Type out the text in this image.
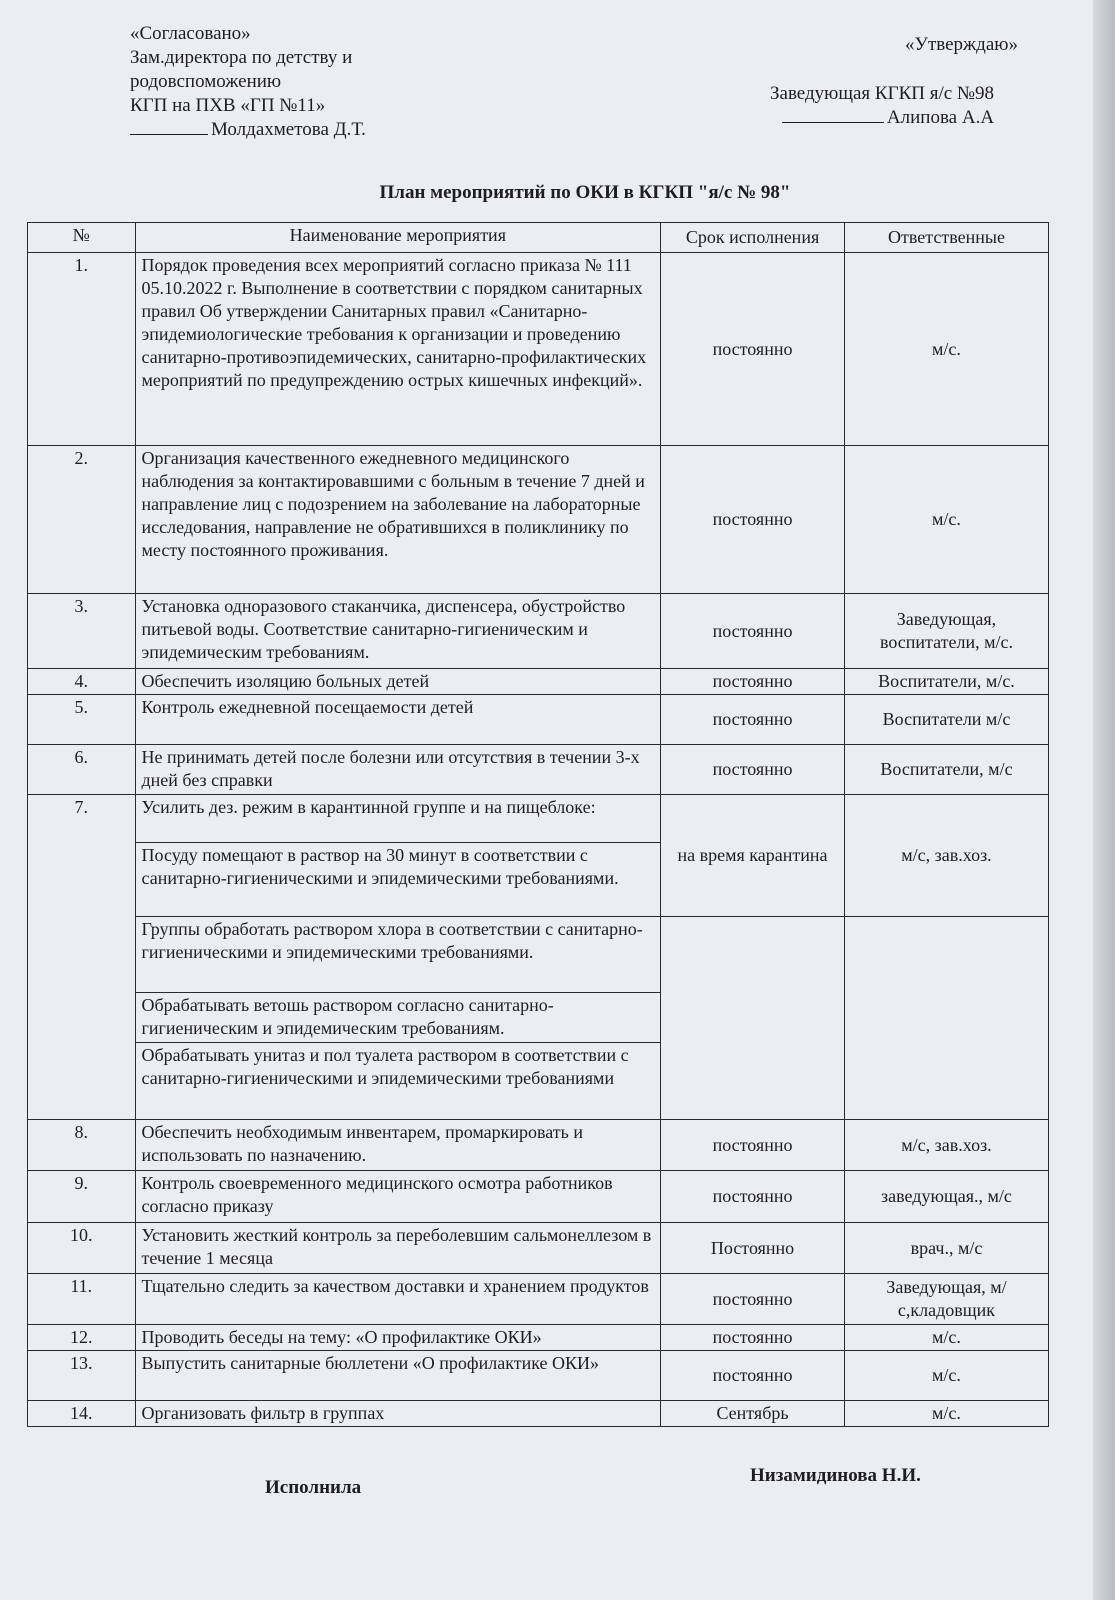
«Согласовано»
Зам.директора по детству и
родовспоможению
КГП на ПХВ «ГП №11»
Молдахметова Д.Т.
«Утверждаю»
Заведующая КГКП я/с №98
Алипова А.А
План мероприятий по ОКИ в КГКП "я/с № 98"
№	Наименование мероприятия	Срок исполнения	Ответственные
1.	Порядок проведения всех мероприятий согласно приказа № 111 05.10.2022 г. Выполнение в соответствии с порядком санитарных правил Об утверждении Санитарных правил «Санитарно-эпидемиологические требования к организации и проведению санитарно-противоэпидемических, санитарно-профилактических мероприятий по предупреждению острых кишечных инфекций».	постоянно	м/с.
2.	Организация качественного ежедневного медицинского наблюдения за контактировавшими с больным в течение 7 дней и направление лиц с подозрением на заболевание на лабораторные исследования, направление не обратившихся в поликлинику по месту постоянного проживания.	постоянно	м/с.
3.	Установка одноразового стаканчика, диспенсера, обустройство питьевой воды. Соответствие санитарно-гигиеническим и эпидемическим требованиям.	постоянно	Заведующая, воспитатели, м/с.
4.	Обеспечить изоляцию больных детей	постоянно	Воспитатели, м/с.
5.	Контроль ежедневной посещаемости детей	постоянно	Воспитатели м/с
6.	Не принимать детей после болезни или отсутствия в течении 3-х дней без справки	постоянно	Воспитатели, м/с
7.	Усилить дез. режим в карантинной группе и на пищеблоке:	на время карантина	м/с, зав.хоз.
	Посуду помещают в раствор на 30 минут в соответствии с санитарно-гигиеническими и эпидемическими требованиями.		
	Группы обработать раствором хлора в соответствии с санитарно-гигиеническими и эпидемическими требованиями.		
	Обрабатывать ветошь раствором согласно санитарно-гигиеническим и эпидемическим требованиям.		
	Обрабатывать унитаз и пол туалета раствором в соответствии с санитарно-гигиеническими и эпидемическими требованиями		
8.	Обеспечить необходимым инвентарем, промаркировать и использовать по назначению.	постоянно	м/с, зав.хоз.
9.	Контроль своевременного медицинского осмотра работников согласно приказу	постоянно	заведующая., м/с
10.	Установить жесткий контроль за переболевшим сальмонеллезом в течение 1 месяца	Постоянно	врач., м/с
11.	Тщательно следить за качеством доставки и хранением продуктов	постоянно	Заведующая, м/с,кладовщик
12.	Проводить беседы на тему: «О профилактике ОКИ»	постоянно	м/с.
13.	Выпустить санитарные бюллетени «О профилактике ОКИ»	постоянно	м/с.
14.	Организовать фильтр в группах	Сентябрь	м/с.
Исполнила
Низамидинова Н.И.
